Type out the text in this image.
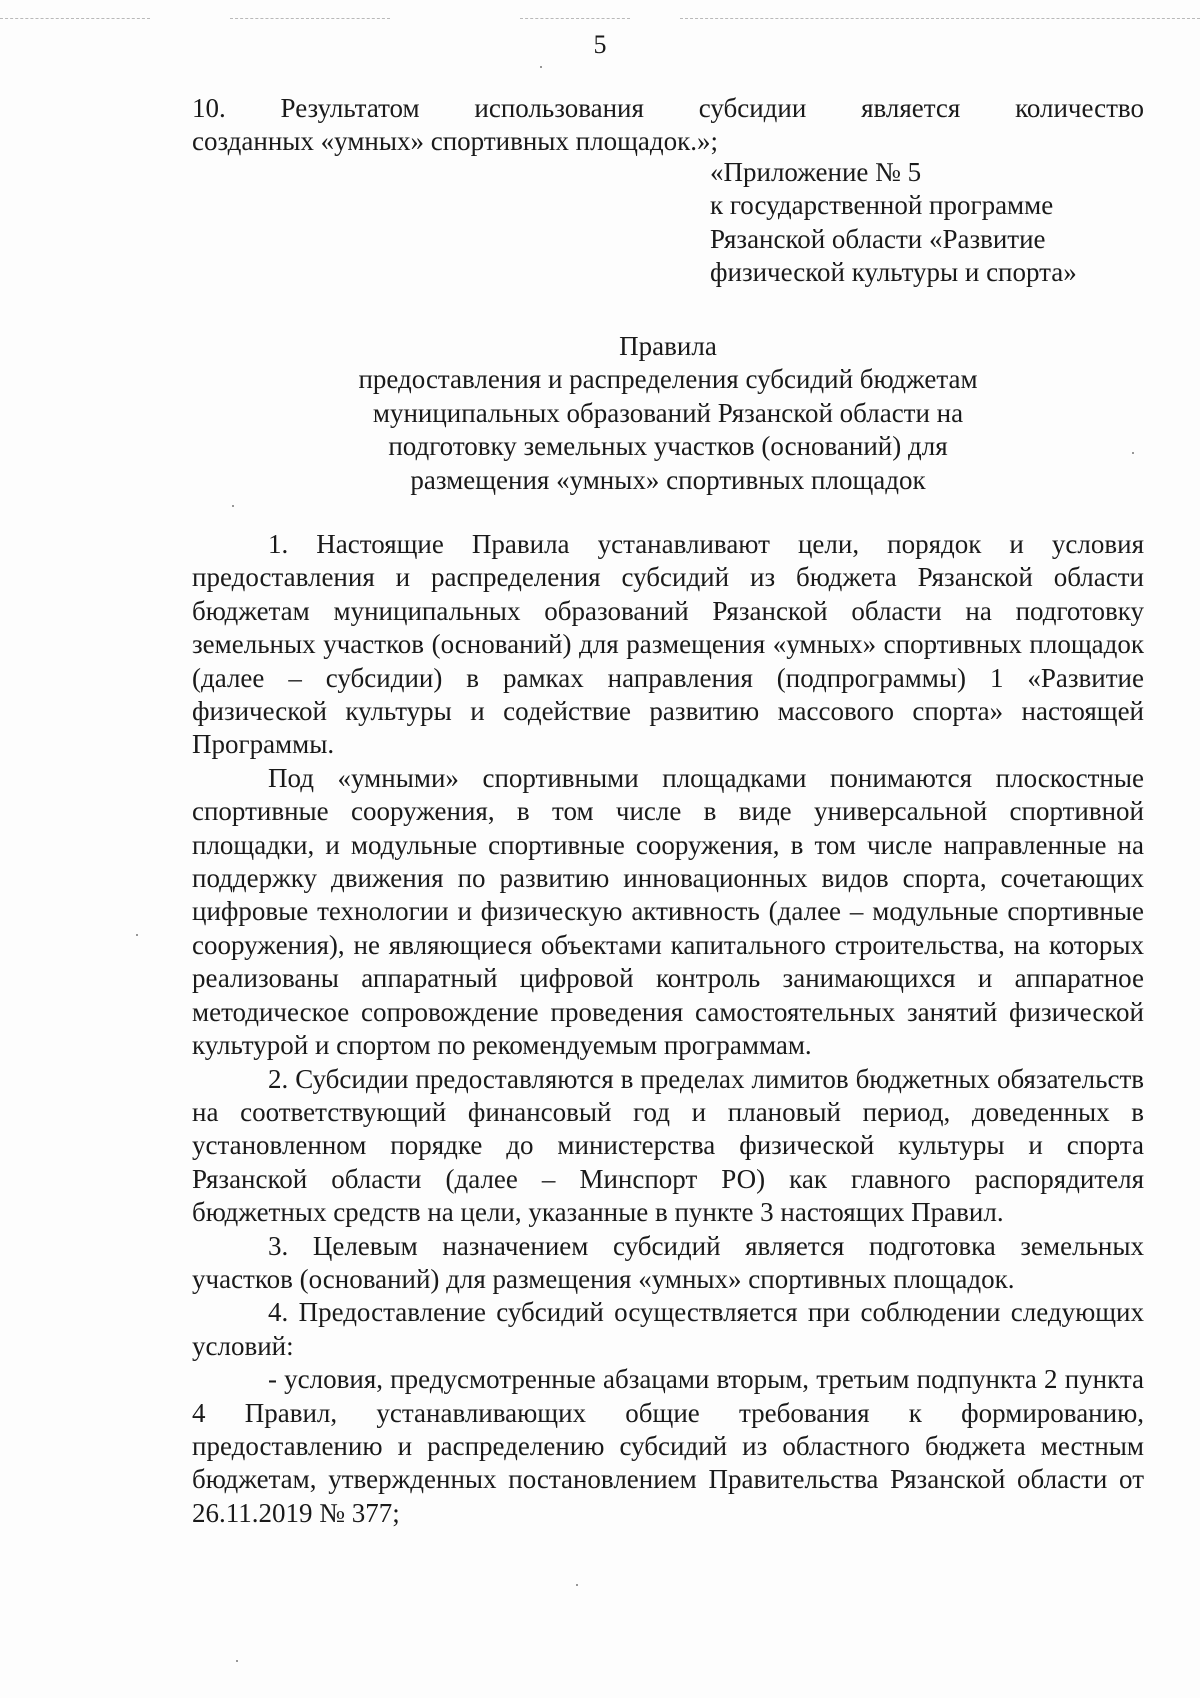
5
10. Результатом использования субсидии является количество
созданных «умных» спортивных площадок.»;
«Приложение № 5
к государственной программе
Рязанской области «Развитие
физической культуры и спорта»
Правила
предоставления и распределения субсидий бюджетам
муниципальных образований Рязанской области на
подготовку земельных участков (оснований) для
размещения «умных» спортивных площадок

1. Настоящие Правила устанавливают цели, порядок и условия предоставления и распределения субсидий из бюджета Рязанской области бюджетам муниципальных образований Рязанской области на подготовку земельных участков (оснований) для размещения «умных» спортивных площадок (далее – субсидии) в рамках направления (подпрограммы) 1 «Развитие физической культуры и содействие развитию массового спорта» настоящей Программы.

Под «умными» спортивными площадками понимаются плоскостные спортивные сооружения, в том числе в виде универсальной спортивной площадки, и модульные спортивные сооружения, в том числе направленные на поддержку движения по развитию инновационных видов спорта, сочетающих цифровые технологии и физическую активность (далее – модульные спортивные сооружения), не являющиеся объектами капитального строительства, на которых реализованы аппаратный цифровой контроль занимающихся и аппаратное методическое сопровождение проведения самостоятельных занятий физической культурой и спортом по рекомендуемым программам.

2. Субсидии предоставляются в пределах лимитов бюджетных обязательств на соответствующий финансовый год и плановый период, доведенных в установленном порядке до министерства физической культуры и спорта Рязанской области (далее – Минспорт РО) как главного распорядителя бюджетных средств на цели, указанные в пункте 3 настоящих Правил.

3. Целевым назначением субсидий является подготовка земельных участков (оснований) для размещения «умных» спортивных площадок.

4. Предоставление субсидий осуществляется при соблюдении следующих условий:

- условия, предусмотренные абзацами вторым, третьим подпункта 2 пункта 4 Правил, устанавливающих общие требования к формированию, предоставлению и распределению субсидий из областного бюджета местным бюджетам, утвержденных постановлением Правительства Рязанской области от 26.11.2019 № 377;
